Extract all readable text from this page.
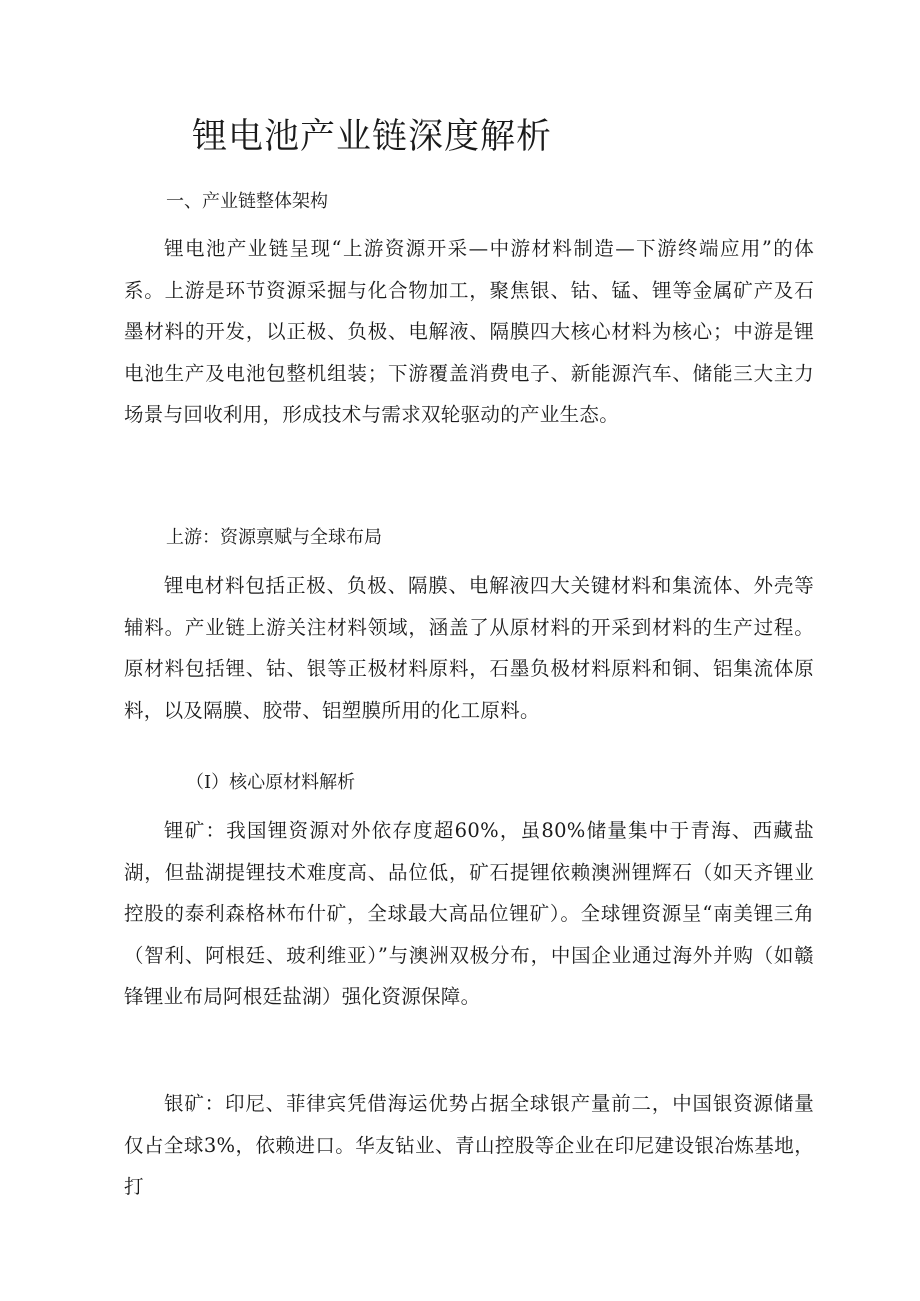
锂电池产业链深度解析
一、产业链整体架构

锂电池产业链呈现“上游资源开采—中游材料制造—下游终端应用”的体系。上游是环节资源采掘与化合物加工，聚焦银、钴、锰、锂等金属矿产及石墨材料的开发，以正极、负极、电解液、隔膜四大核心材料为核心；中游是锂电池生产及电池包整机组装；下游覆盖消费电子、新能源汽车、储能三大主力场景与回收利用，形成技术与需求双轮驱动的产业生态。

上游：资源禀赋与全球布局

锂电材料包括正极、负极、隔膜、电解液四大关键材料和集流体、外壳等辅料。产业链上游关注材料领域，涵盖了从原材料的开采到材料的生产过程。原材料包括锂、钴、银等正极材料原料，石墨负极材料原料和铜、铝集流体原料，以及隔膜、胶带、铝塑膜所用的化工原料。

（I）核心原材料解析

锂矿：我国锂资源对外依存度超60%，虽80%储量集中于青海、西藏盐湖，但盐湖提锂技术难度高、品位低，矿石提锂依赖澳洲锂辉石（如天齐锂业控股的泰利森格林布什矿，全球最大高品位锂矿）。全球锂资源呈“南美锂三角（智利、阿根廷、玻利维亚）”与澳洲双极分布，中国企业通过海外并购（如赣锋锂业布局阿根廷盐湖）强化资源保障。

银矿：印尼、菲律宾凭借海运优势占据全球银产量前二，中国银资源储量仅占全球3%，依赖进口。华友钻业、青山控股等企业在印尼建设银冶炼基地，打
